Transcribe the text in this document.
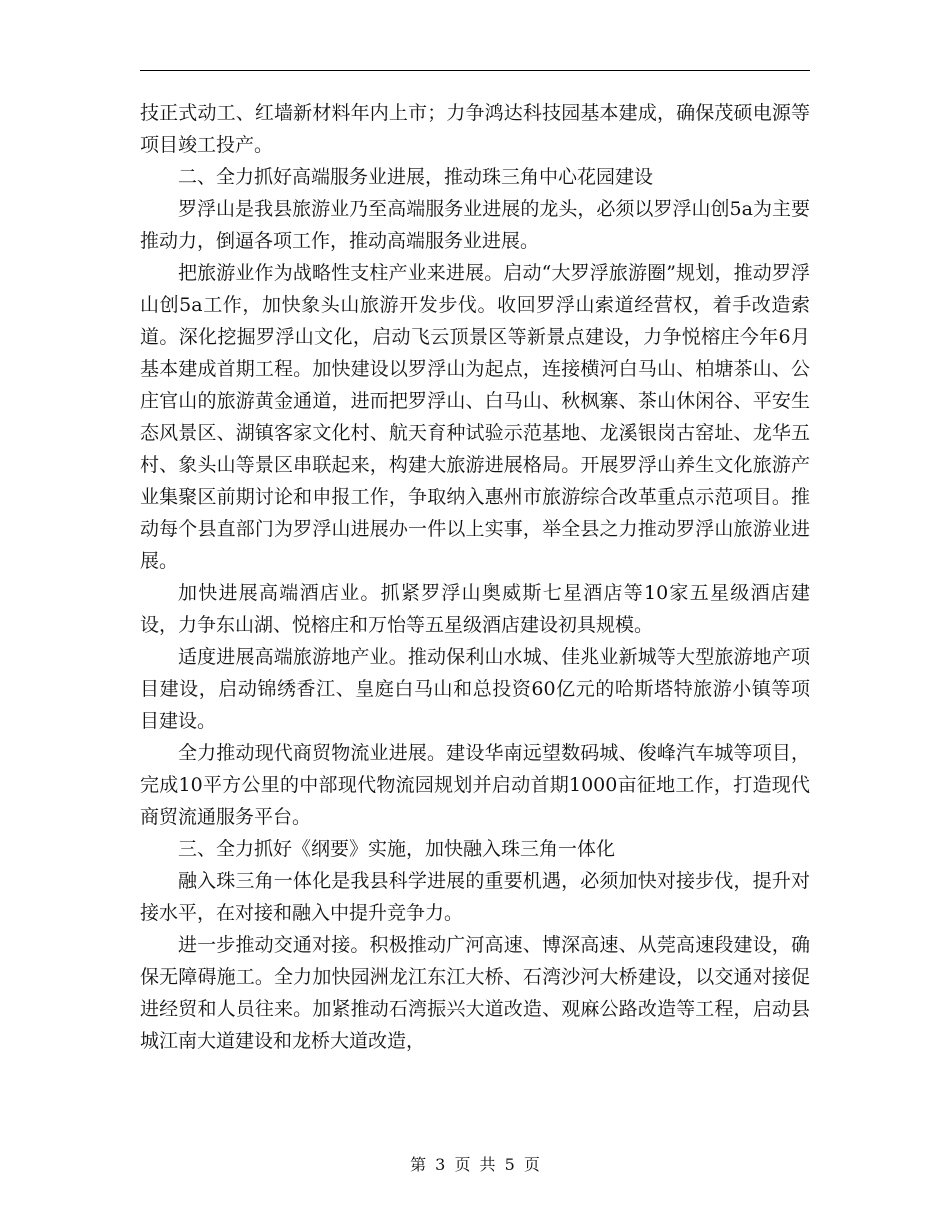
技正式动工、红墙新材料年内上市；力争鸿达科技园基本建成，确保茂硕电源等项目竣工投产。

二、全力抓好高端服务业进展，推动珠三角中心花园建设

罗浮山是我县旅游业乃至高端服务业进展的龙头，必须以罗浮山创5a为主要推动力，倒逼各项工作，推动高端服务业进展。

把旅游业作为战略性支柱产业来进展。启动“大罗浮旅游圈”规划，推动罗浮山创5a工作，加快象头山旅游开发步伐。收回罗浮山索道经营权，着手改造索道。深化挖掘罗浮山文化，启动飞云顶景区等新景点建设，力争悦榕庄今年6月基本建成首期工程。加快建设以罗浮山为起点，连接横河白马山、柏塘茶山、公庄官山的旅游黄金通道，进而把罗浮山、白马山、秋枫寨、茶山休闲谷、平安生态风景区、湖镇客家文化村、航天育种试验示范基地、龙溪银岗古窑址、龙华五村、象头山等景区串联起来，构建大旅游进展格局。开展罗浮山养生文化旅游产业集聚区前期讨论和申报工作，争取纳入惠州市旅游综合改革重点示范项目。推动每个县直部门为罗浮山进展办一件以上实事，举全县之力推动罗浮山旅游业进展。

加快进展高端酒店业。抓紧罗浮山奥威斯七星酒店等10家五星级酒店建设，力争东山湖、悦榕庄和万怡等五星级酒店建设初具规模。

适度进展高端旅游地产业。推动保利山水城、佳兆业新城等大型旅游地产项目建设，启动锦绣香江、皇庭白马山和总投资60亿元的哈斯塔特旅游小镇等项目建设。

全力推动现代商贸物流业进展。建设华南远望数码城、俊峰汽车城等项目，完成10平方公里的中部现代物流园规划并启动首期1000亩征地工作，打造现代商贸流通服务平台。

三、全力抓好《纲要》实施，加快融入珠三角一体化

融入珠三角一体化是我县科学进展的重要机遇，必须加快对接步伐，提升对接水平，在对接和融入中提升竞争力。

进一步推动交通对接。积极推动广河高速、博深高速、从莞高速段建设，确保无障碍施工。全力加快园洲龙江东江大桥、石湾沙河大桥建设，以交通对接促进经贸和人员往来。加紧推动石湾振兴大道改造、观麻公路改造等工程，启动县城江南大道建设和龙桥大道改造，

第 3 页 共 5 页
